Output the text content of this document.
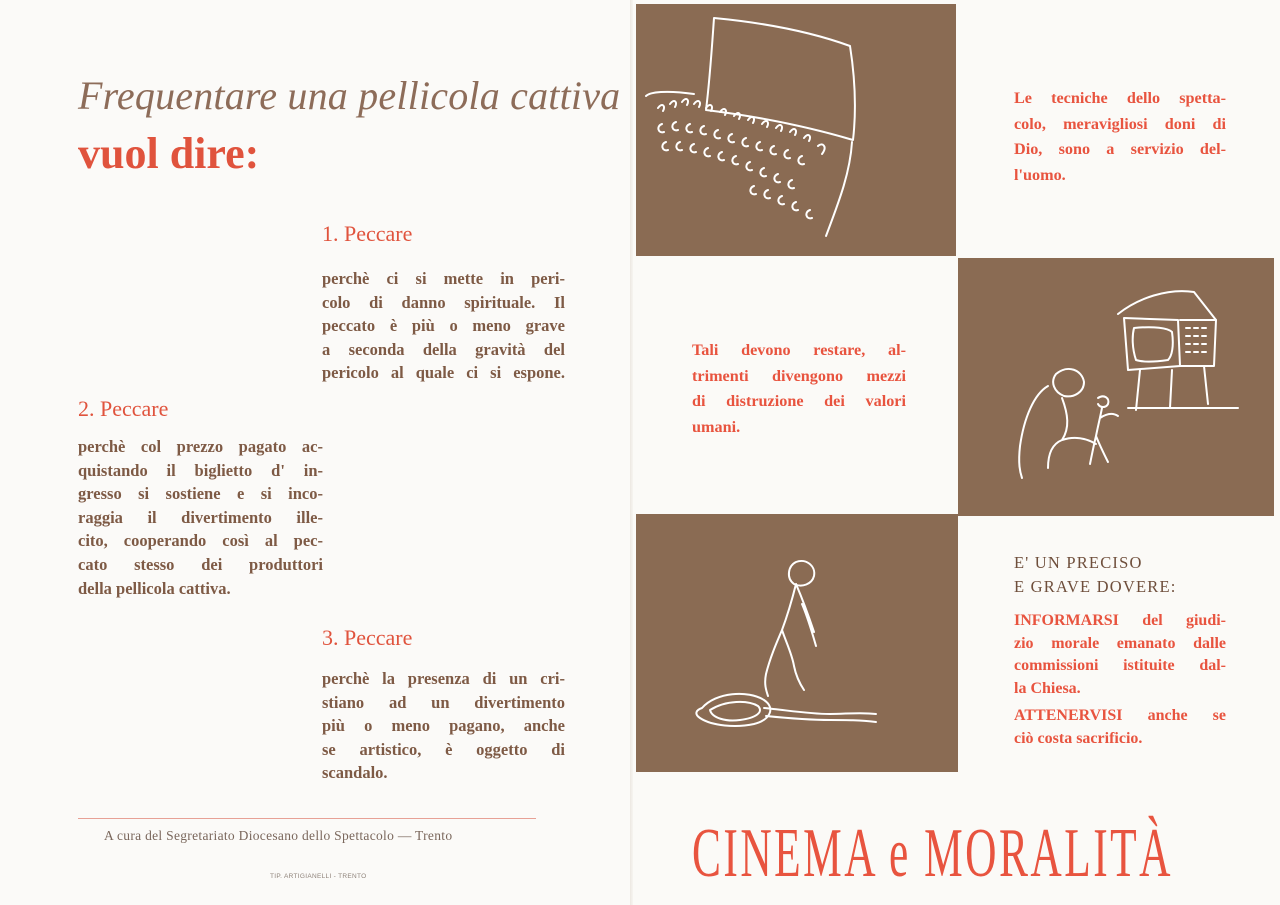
Frequentare una pellicola cattiva
vuol dire:
1. Peccare
perchè ci si mette in peri-
colo di danno spirituale. Il
peccato è più o meno grave
a seconda della gravità del
pericolo al quale ci si espone.
2. Peccare
perchè col prezzo pagato ac-
quistando il biglietto d' in-
gresso si sostiene e si inco-
raggia il divertimento ille-
cito, cooperando così al pec-
cato stesso dei produttori
della pellicola cattiva.
3. Peccare
perchè la presenza di un cri-
stiano ad un divertimento
più o meno pagano, anche
se artistico, è oggetto di
scandalo.
A cura del Segretariato Diocesano dello Spettacolo — Trento
TIP. ARTIGIANELLI - TRENTO
Le tecniche dello spetta-
colo, meravigliosi doni di
Dio, sono a servizio del-
l'uomo.
Tali devono restare, al-
trimenti divengono mezzi
di distruzione dei valori
umani.
E' UN PRECISO
E GRAVE DOVERE:
INFORMARSI del giudi-
zio morale emanato dalle
commissioni istituite dal-
la Chiesa.
ATTENERVISI anche se
ciò costa sacrificio.
CINEMA e MORALITÀ
